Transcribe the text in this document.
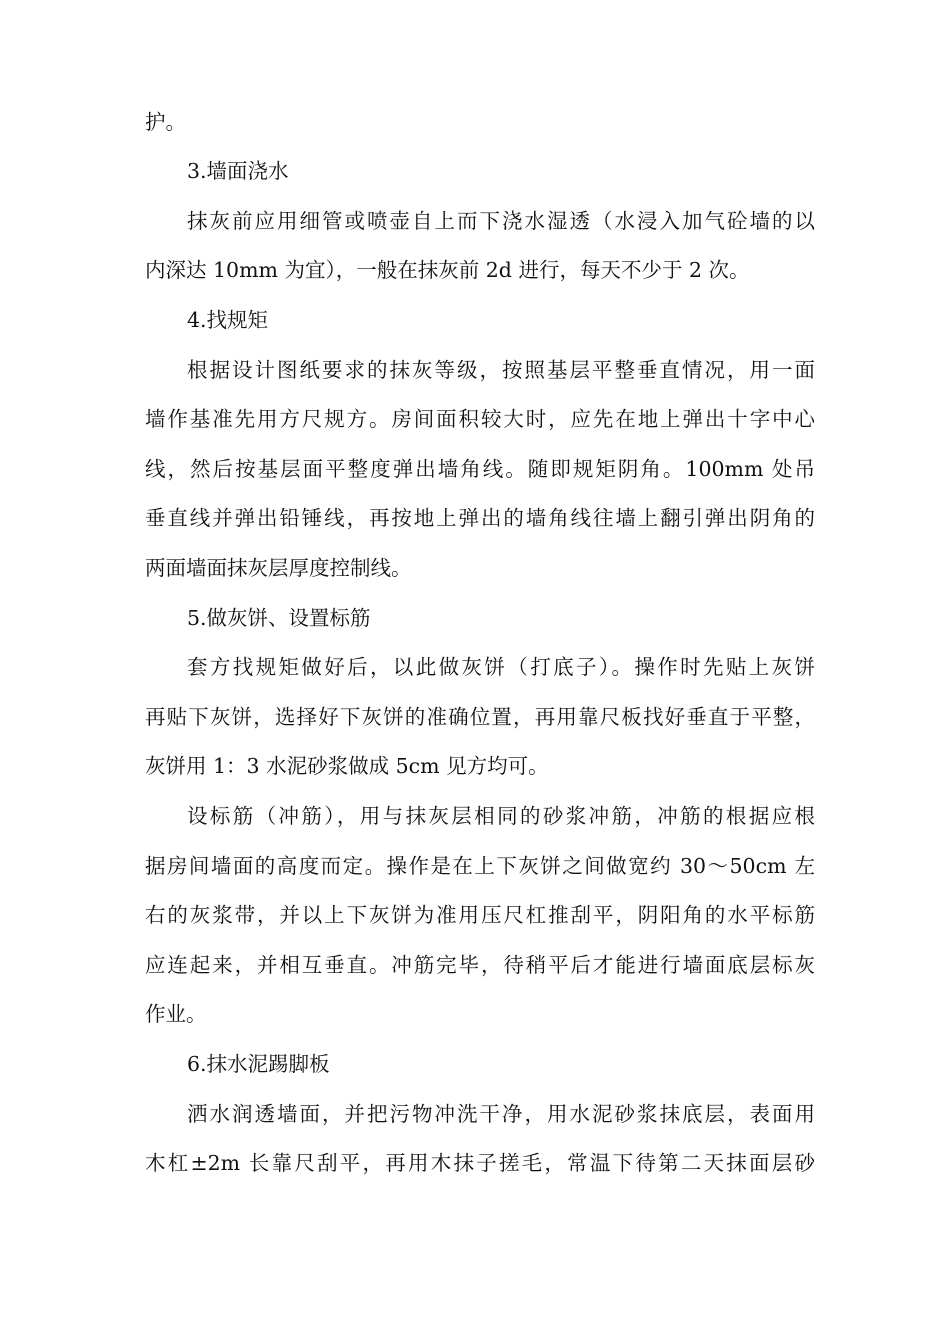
护。
3.墙面浇水
抹灰前应用细管或喷壶自上而下浇水湿透（水浸入加气砼墙的以
内深达 10mm 为宜），一般在抹灰前 2d 进行，每天不少于 2 次。
4.找规矩
根据设计图纸要求的抹灰等级，按照基层平整垂直情况，用一面
墙作基准先用方尺规方。房间面积较大时，应先在地上弹出十字中心
线，然后按基层面平整度弹出墙角线。随即规矩阴角。100mm 处吊
垂直线并弹出铅锤线，再按地上弹出的墙角线往墙上翻引弹出阴角的
两面墙面抹灰层厚度控制线。
5.做灰饼、设置标筋
套方找规矩做好后，以此做灰饼（打底子）。操作时先贴上灰饼
再贴下灰饼，选择好下灰饼的准确位置，再用靠尺板找好垂直于平整，
灰饼用 1：3 水泥砂浆做成 5cm 见方均可。
设标筋（冲筋），用与抹灰层相同的砂浆冲筋，冲筋的根据应根
据房间墙面的高度而定。操作是在上下灰饼之间做宽约 30～50cm 左
右的灰浆带，并以上下灰饼为准用压尺杠推刮平，阴阳角的水平标筋
应连起来，并相互垂直。冲筋完毕，待稍平后才能进行墙面底层标灰
作业。
6.抹水泥踢脚板
洒水润透墙面，并把污物冲洗干净，用水泥砂浆抹底层，表面用
木杠±2m 长靠尺刮平，再用木抹子搓毛，常温下待第二天抹面层砂
